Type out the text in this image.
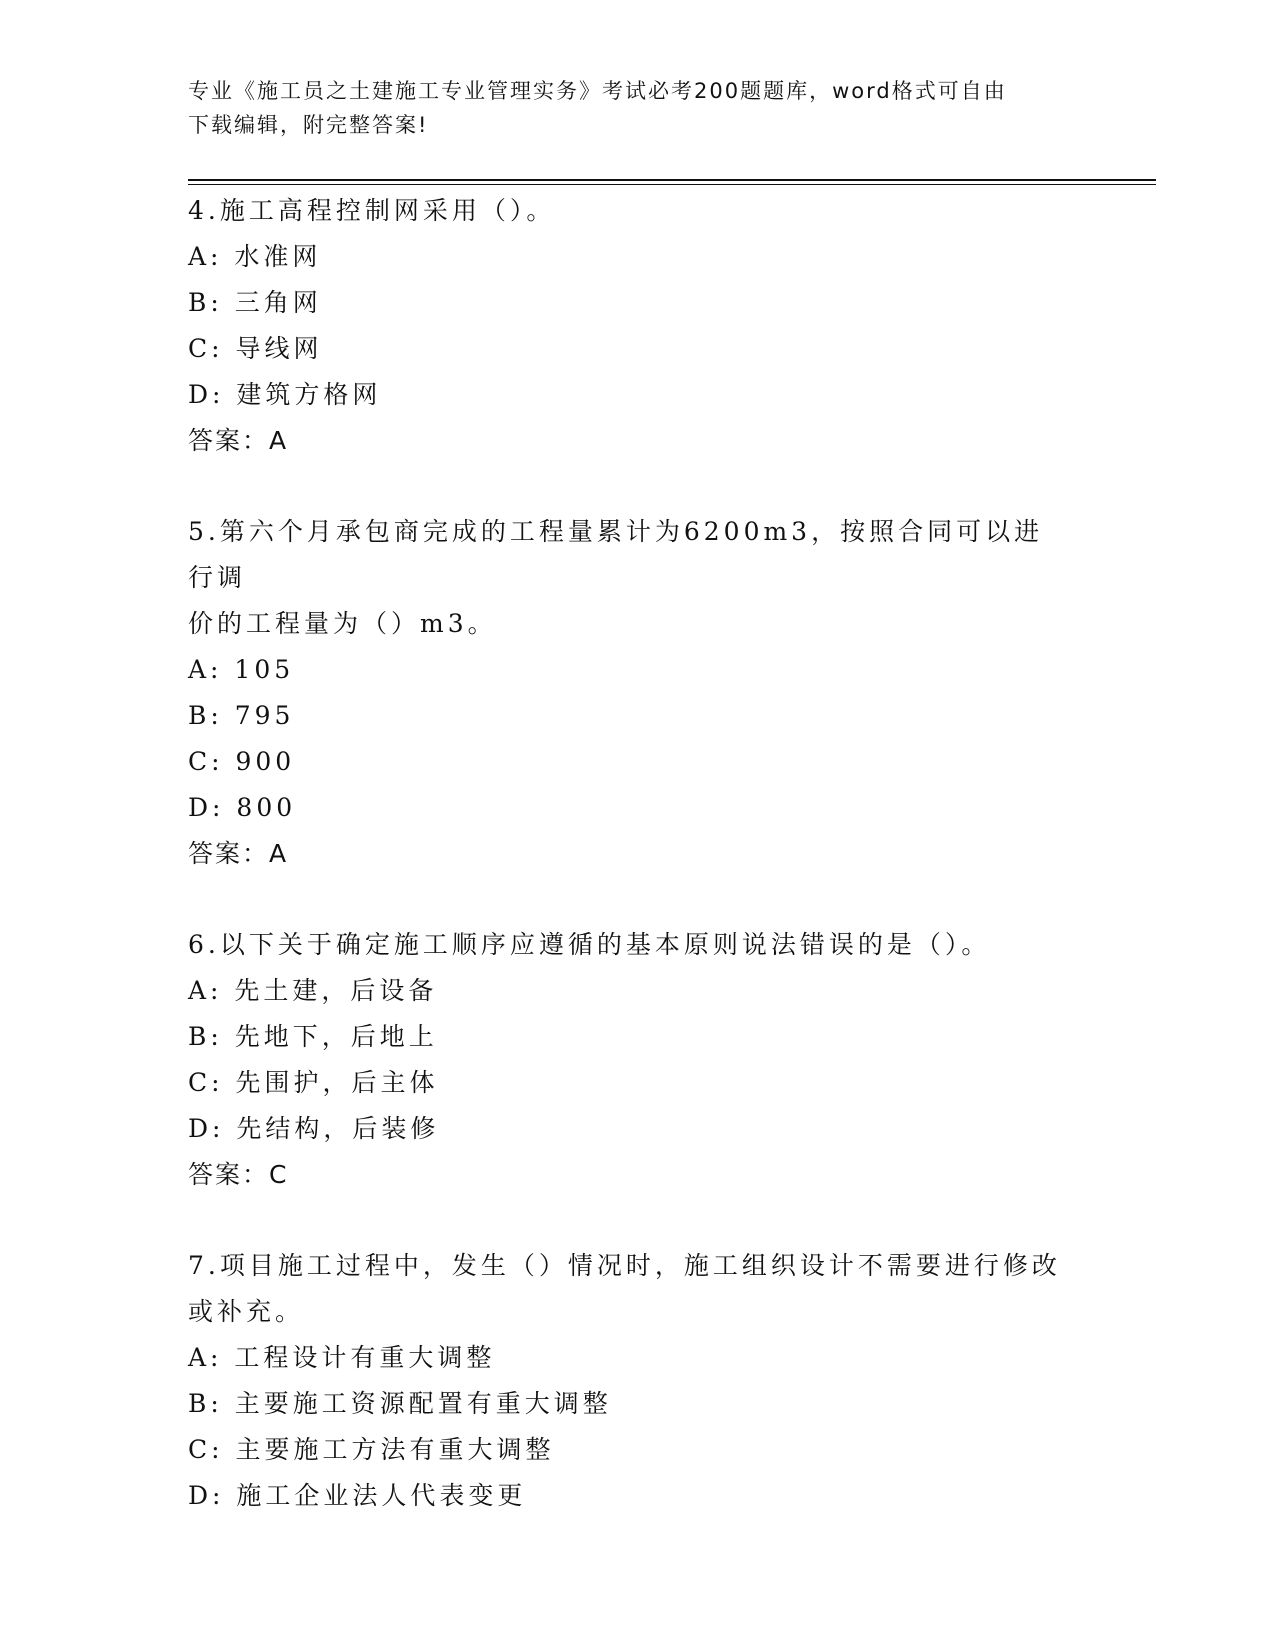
专业《施工员之土建施工专业管理实务》考试必考200题题库，word格式可自由
下载编辑，附完整答案!

4.施工高程控制网采用（）。

A: 水准网

B: 三角网

C: 导线网

D: 建筑方格网

答案：A

5.第六个月承包商完成的工程量累计为6200m3，按照合同可以进行调

价的工程量为（）m3。

A: 105

B: 795

C: 900

D: 800

答案：A

6.以下关于确定施工顺序应遵循的基本原则说法错误的是（）。

A: 先土建，后设备

B: 先地下，后地上

C: 先围护，后主体

D: 先结构，后装修

答案：C

7.项目施工过程中，发生（）情况时，施工组织设计不需要进行修改

或补充。

A: 工程设计有重大调整

B: 主要施工资源配置有重大调整

C: 主要施工方法有重大调整

D: 施工企业法人代表变更
